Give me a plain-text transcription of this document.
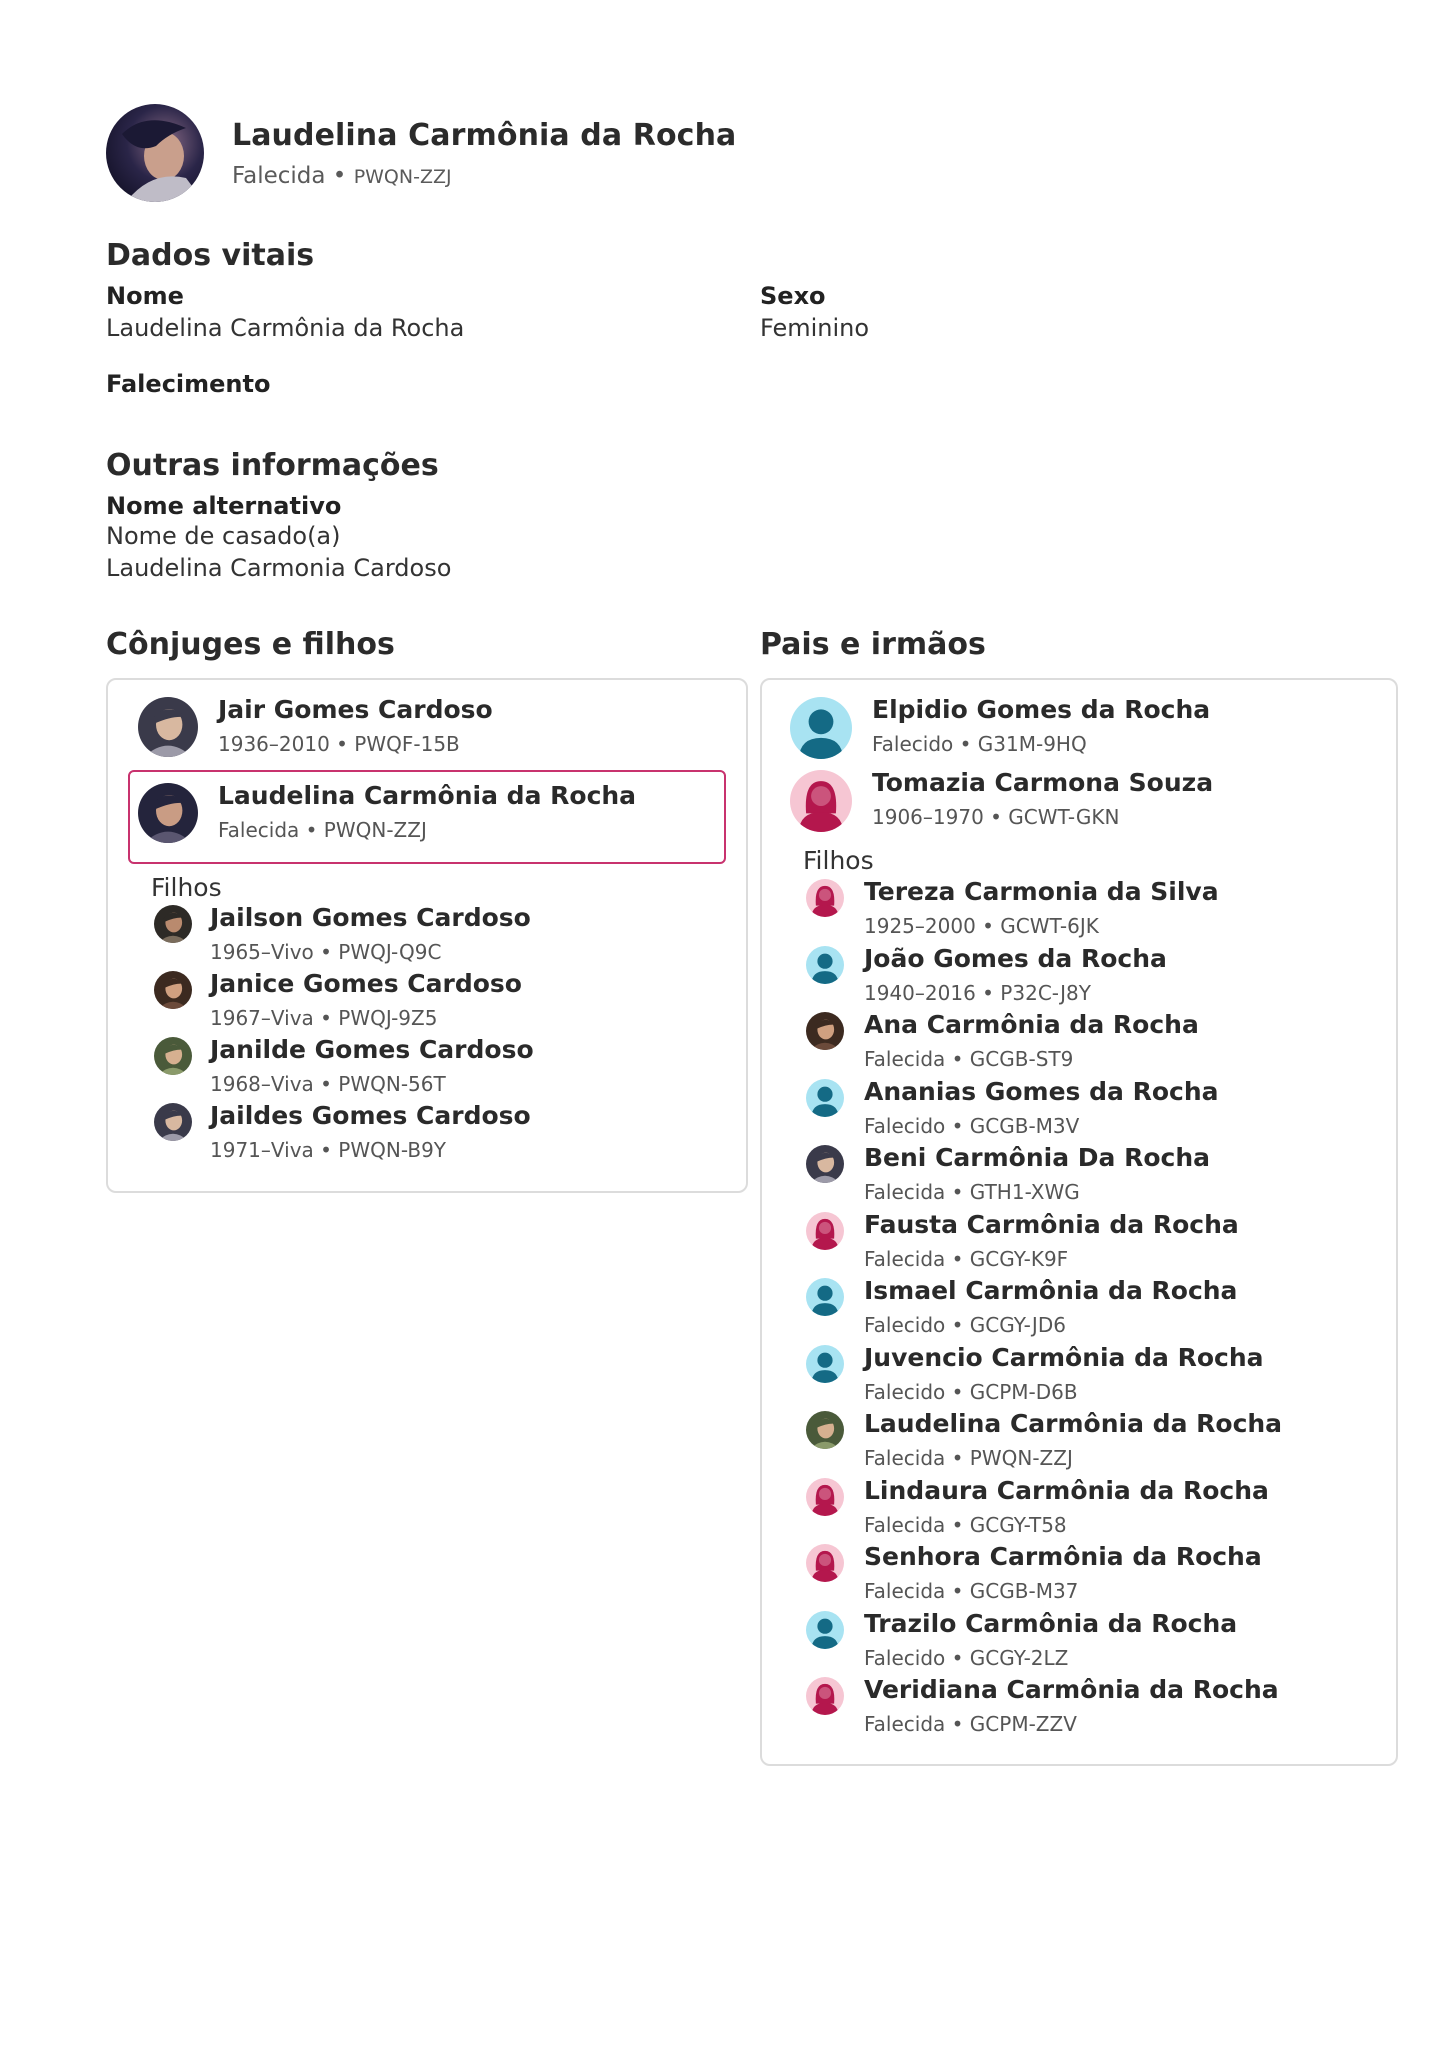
Laudelina Carmônia da Rocha
Falecida • PWQN-ZZJ
Dados vitais
Nome
Laudelina Carmônia da Rocha
Sexo
Feminino
Falecimento
Outras informações
Nome alternativo
Nome de casado(a)
Laudelina Carmonia Cardoso
Cônjuges e filhos	Pais e irmãos
Filhos
Filhos
Jair Gomes Cardoso
1936–2010 • PWQF-15B
Laudelina Carmônia da Rocha
Falecida • PWQN-ZZJ
Jailson Gomes Cardoso
1965–Vivo • PWQJ-Q9C
Janice Gomes Cardoso
1967–Viva • PWQJ-9Z5
Janilde Gomes Cardoso
1968–Viva • PWQN-56T
Jaildes Gomes Cardoso
1971–Viva • PWQN-B9Y
Elpidio Gomes da Rocha
Falecido • G31M-9HQ
Tomazia Carmona Souza
1906–1970 • GCWT-GKN
Tereza Carmonia da Silva
1925–2000 • GCWT-6JK
João Gomes da Rocha
1940–2016 • P32C-J8Y
Ana Carmônia da Rocha
Falecida • GCGB-ST9
Ananias Gomes da Rocha
Falecido • GCGB-M3V
Beni Carmônia Da Rocha
Falecida • GTH1-XWG
Fausta Carmônia da Rocha
Falecida • GCGY-K9F
Ismael Carmônia da Rocha
Falecido • GCGY-JD6
Juvencio Carmônia da Rocha
Falecido • GCPM-D6B
Laudelina Carmônia da Rocha
Falecida • PWQN-ZZJ
Lindaura Carmônia da Rocha
Falecida • GCGY-T58
Senhora Carmônia da Rocha
Falecida • GCGB-M37
Trazilo Carmônia da Rocha
Falecido • GCGY-2LZ
Veridiana Carmônia da Rocha
Falecida • GCPM-ZZV
